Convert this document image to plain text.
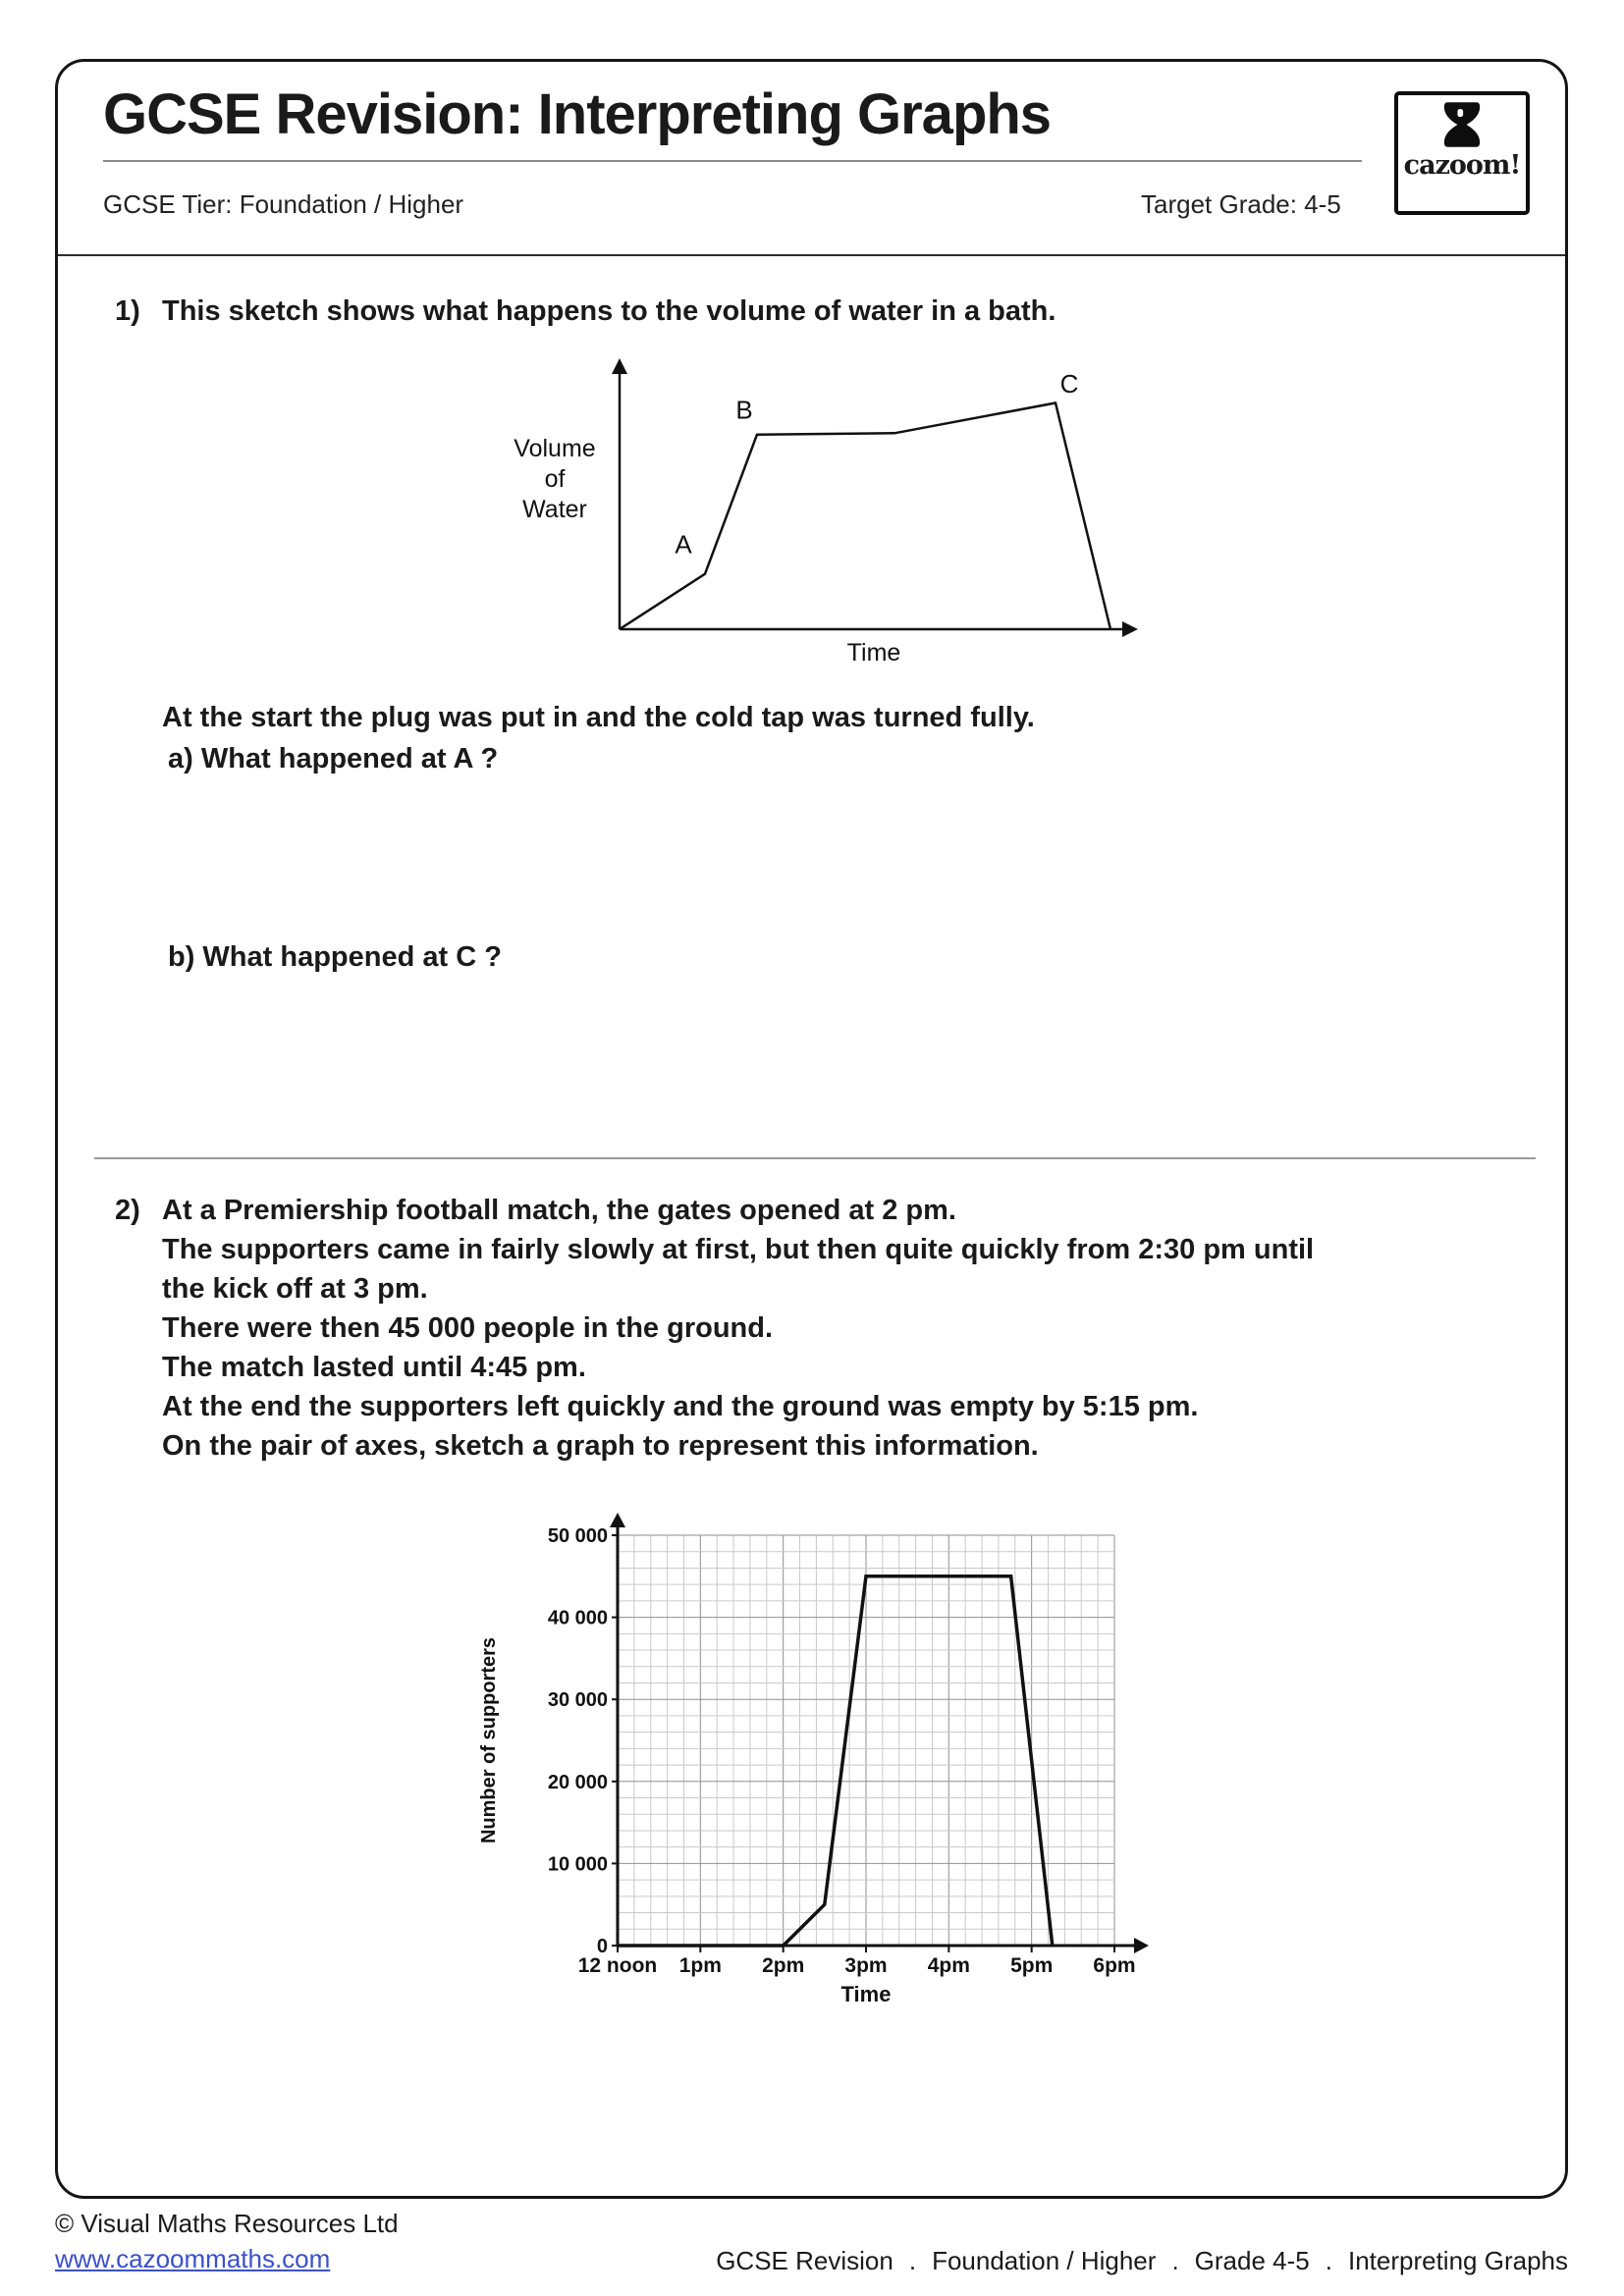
GCSE Revision: Interpreting Graphs
GCSE Tier: Foundation / Higher	Target Grade: 4-5
cazoom!
1) This sketch shows what happens to the volume of water in a bath.
Volume
of
Water
Time
A
B
C
At the start the plug was put in and the cold tap was turned fully.
a) What happened at A ?
b) What happened at C ?
2) At a Premiership football match, the gates opened at 2 pm.
The supporters came in fairly slowly at first, but then quite quickly from 2:30 pm until
the kick off at 3 pm.
There were then 45 000 people in the ground.
The match lasted until 4:45 pm.
At the end the supporters left quickly and the ground was empty by 5:15 pm.
On the pair of axes, sketch a graph to represent this information.
0
10 000
20 000
30 000
40 000
50 000
12 noon 1pm 2pm 3pm 4pm 5pm 6pm
Time
Number of supporters
© Visual Maths Resources Ltd
www.cazoommaths.com	GCSE Revision . Foundation / Higher . Grade 4-5 . Interpreting Graphs
